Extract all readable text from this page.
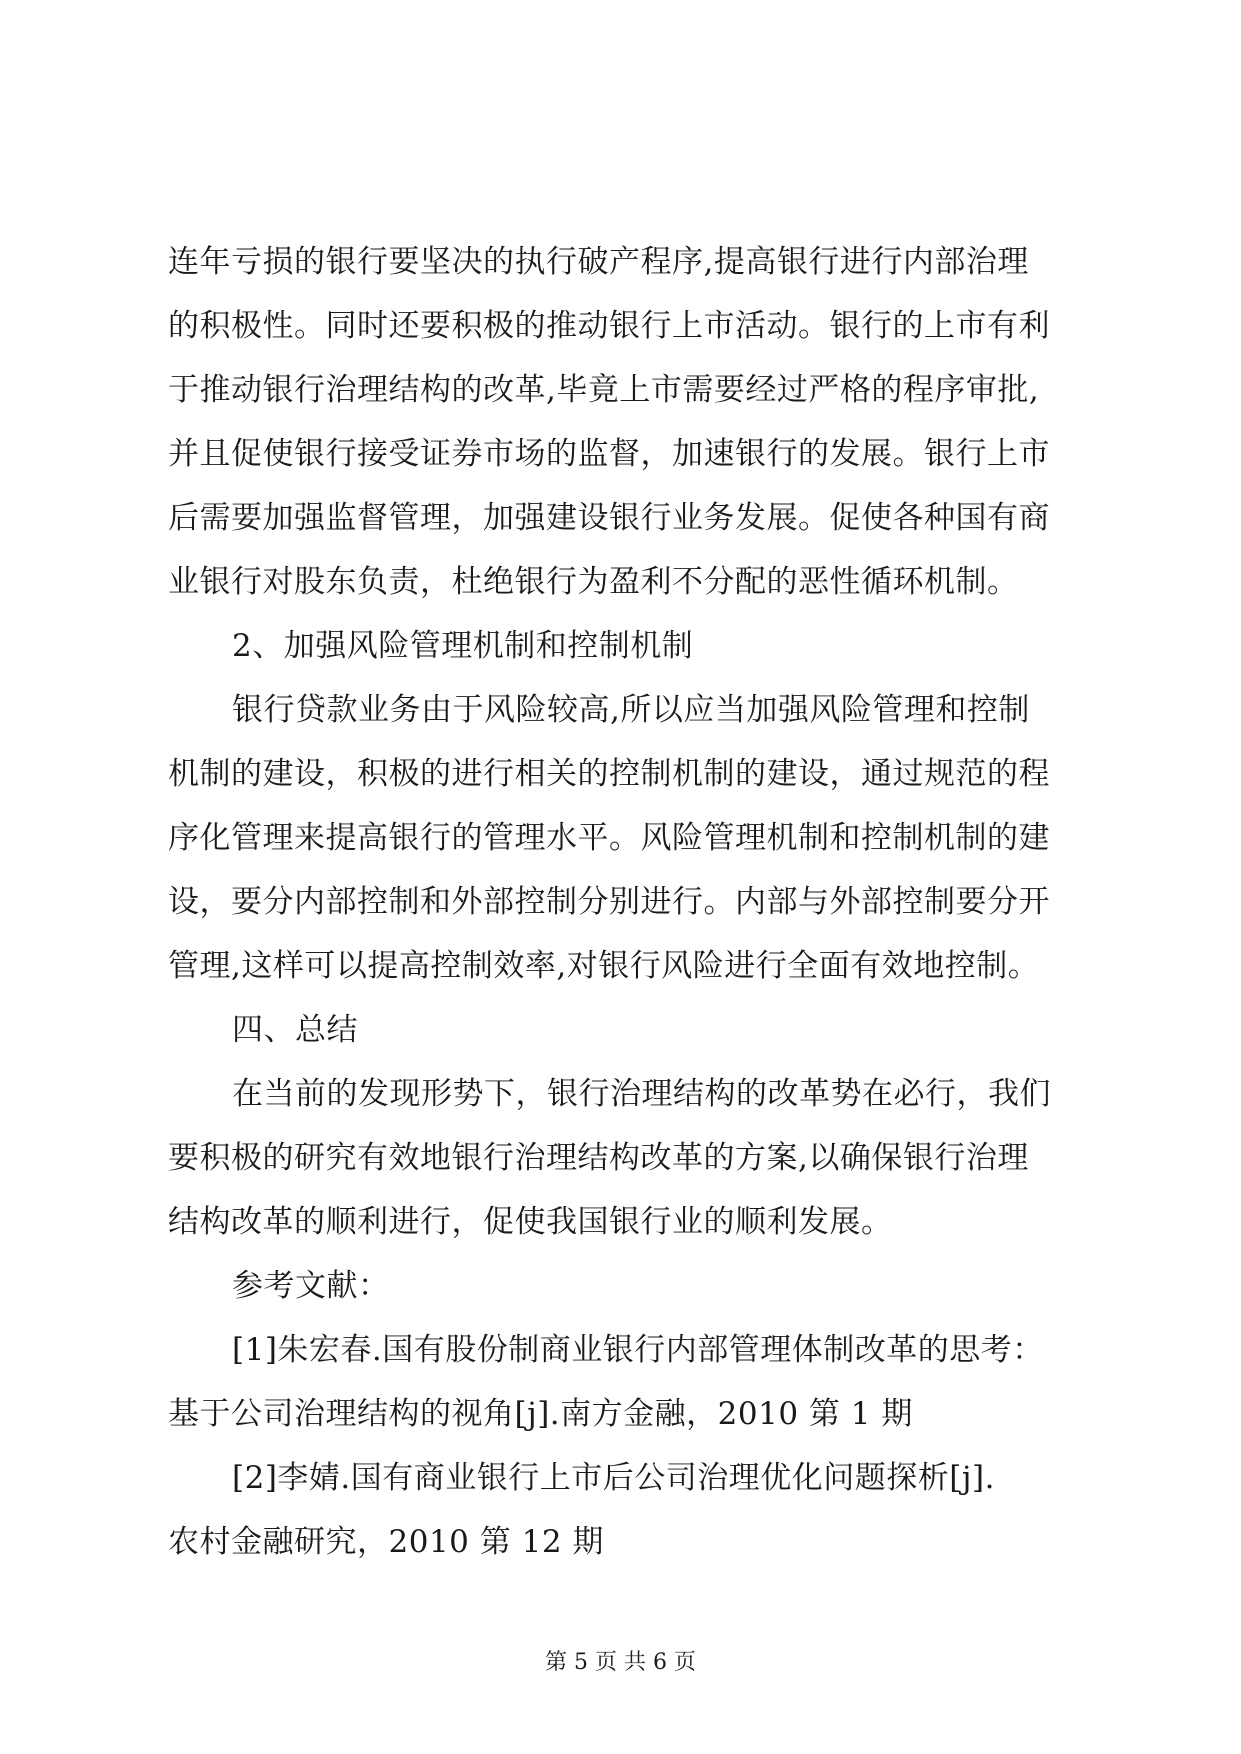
连年亏损的银行要坚决的执行破产程序,提高银行进行内部治理
的积极性。同时还要积极的推动银行上市活动。银行的上市有利
于推动银行治理结构的改革,毕竟上市需要经过严格的程序审批,
并且促使银行接受证券市场的监督，加速银行的发展。银行上市
后需要加强监督管理，加强建设银行业务发展。促使各种国有商
业银行对股东负责，杜绝银行为盈利不分配的恶性循环机制。
2、加强风险管理机制和控制机制
银行贷款业务由于风险较高,所以应当加强风险管理和控制
机制的建设，积极的进行相关的控制机制的建设，通过规范的程
序化管理来提高银行的管理水平。风险管理机制和控制机制的建
设，要分内部控制和外部控制分别进行。内部与外部控制要分开
管理,这样可以提高控制效率,对银行风险进行全面有效地控制。
四、总结
在当前的发现形势下，银行治理结构的改革势在必行，我们
要积极的研究有效地银行治理结构改革的方案,以确保银行治理
结构改革的顺利进行，促使我国银行业的顺利发展。
参考文献：
[1]朱宏春.国有股份制商业银行内部管理体制改革的思考：
基于公司治理结构的视角[j].南方金融，2010 第 1 期
[2]李婧.国有商业银行上市后公司治理优化问题探析[j].
农村金融研究，2010 第 12 期
第 5 页 共 6 页
